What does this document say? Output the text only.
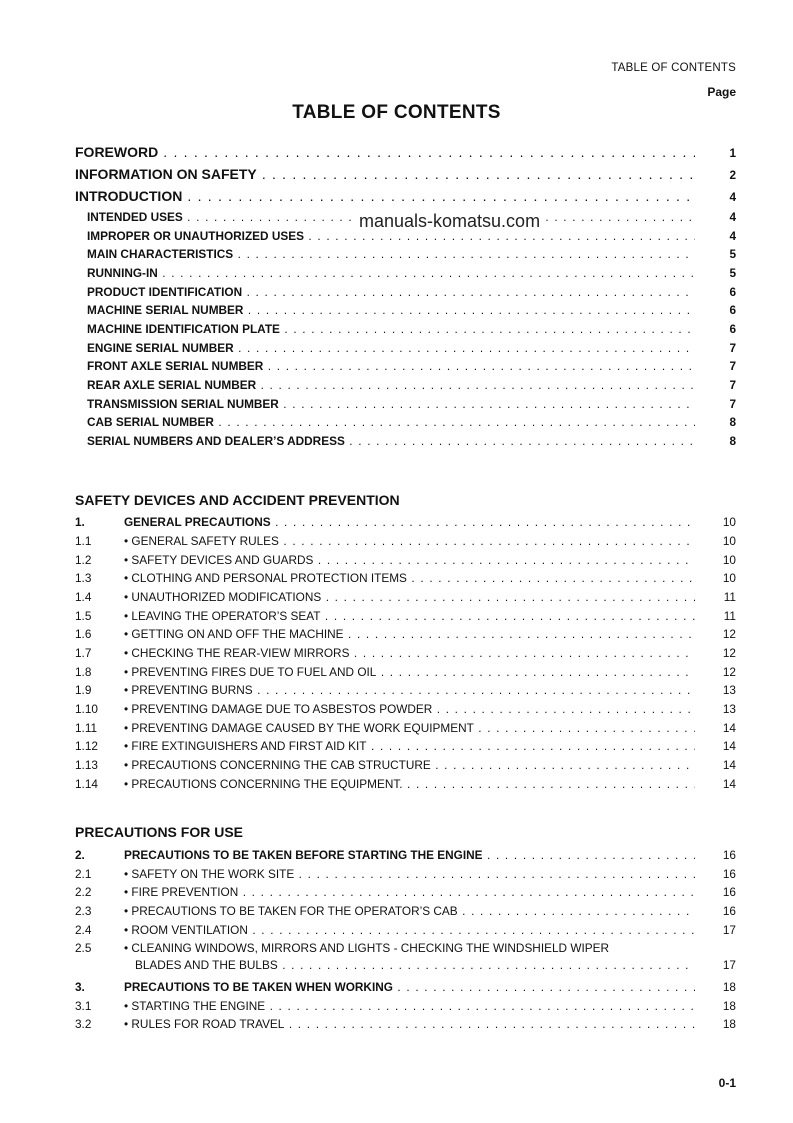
TABLE OF CONTENTS
Page
TABLE OF CONTENTS
FOREWORD . . .	1
INFORMATION ON SAFETY . . .	2
INTRODUCTION . . .	4
INTENDED USES . . .	4
IMPROPER OR UNAUTHORIZED USES . . .	4
MAIN CHARACTERISTICS . . .	5
RUNNING-IN . . .	5
PRODUCT IDENTIFICATION . . .	6
MACHINE SERIAL NUMBER . . .	6
MACHINE IDENTIFICATION PLATE . . .	6
ENGINE SERIAL NUMBER . . .	7
FRONT AXLE SERIAL NUMBER . . .	7
REAR AXLE SERIAL NUMBER . . .	7
TRANSMISSION SERIAL NUMBER . . .	7
CAB SERIAL NUMBER . . .	8
SERIAL NUMBERS AND DEALER’S ADDRESS . . .	8
manuals-komatsu.com
SAFETY DEVICES AND ACCIDENT PREVENTION
1.	GENERAL PRECAUTIONS . . .	10
1.1	• GENERAL SAFETY RULES . . .	10
1.2	• SAFETY DEVICES AND GUARDS . . .	10
1.3	• CLOTHING AND PERSONAL PROTECTION ITEMS . . .	10
1.4	• UNAUTHORIZED MODIFICATIONS . . .	11
1.5	• LEAVING THE OPERATOR’S SEAT . . .	11
1.6	• GETTING ON AND OFF THE MACHINE . . .	12
1.7	• CHECKING THE REAR-VIEW MIRRORS . . .	12
1.8	• PREVENTING FIRES DUE TO FUEL AND OIL . . .	12
1.9	• PREVENTING BURNS . . .	13
1.10 • PREVENTING DAMAGE DUE TO ASBESTOS POWDER . . .	13
1.11 • PREVENTING DAMAGE CAUSED BY THE WORK EQUIPMENT . . .	14
1.12 • FIRE EXTINGUISHERS AND FIRST AID KIT . . .	14
1.13 • PRECAUTIONS CONCERNING THE CAB STRUCTURE . . .	14
1.14 • PRECAUTIONS CONCERNING THE EQUIPMENT. . . .	14
PRECAUTIONS FOR USE
2.	PRECAUTIONS TO BE TAKEN BEFORE STARTING THE ENGINE . . .	16
2.1	• SAFETY ON THE WORK SITE . . .	16
2.2	• FIRE PREVENTION . . .	16
2.3	• PRECAUTIONS TO BE TAKEN FOR THE OPERATOR’S CAB . . .	16
2.4	• ROOM VENTILATION . . .	17
2.5	• CLEANING WINDOWS, MIRRORS AND LIGHTS - CHECKING THE WINDSHIELD WIPER
BLADES AND THE BULBS . . .	17
3.	PRECAUTIONS TO BE TAKEN WHEN WORKING . . .	18
3.1	• STARTING THE ENGINE . . .	18
3.2	• RULES FOR ROAD TRAVEL . . .	18
0-1
